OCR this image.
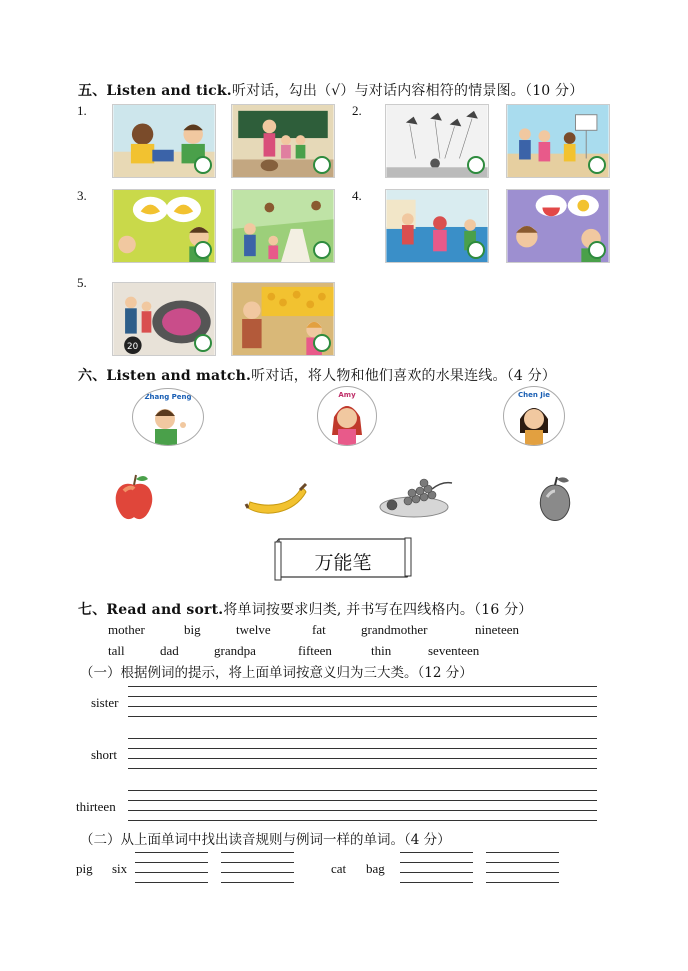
五、Listen and tick.听对话，勾出（√）与对话内容相符的情景图。（10 分）
1.	2.
3.	4.
5.
20
六、Listen and match.听对话，将人物和他们喜欢的水果连线。（4 分）
Zhang Peng	Amy	Chen Jie
万能笔
七、Read and sort.将单词按要求归类, 并书写在四线格内。（16 分）
mother	big	twelve	fat	grandmother	nineteen
tall	dad	grandpa	fifteen	thin	seventeen
（一）根据例词的提示，将上面单词按意义归为三大类。（12 分）
sister
short
thirteen
（二）从上面单词中找出读音规则与例词一样的单词。（4 分）
pig six	cat bag
